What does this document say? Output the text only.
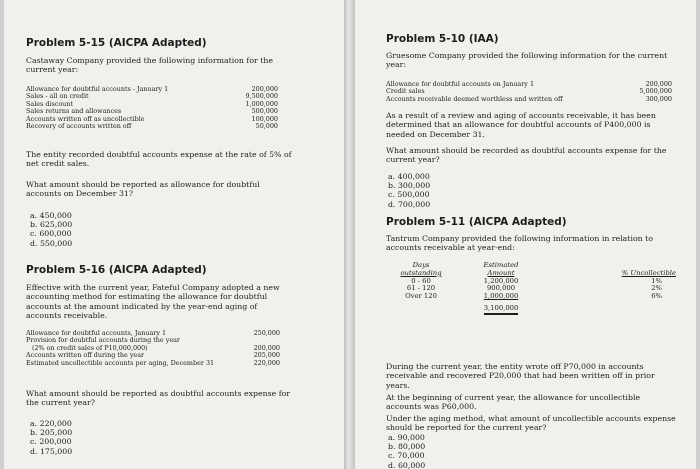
Problem 5-15 (AICPA Adapted)
Castaway Company provided the following information for the current year:
Allowance for doubtful accounts - January 1	200,000
Sales - all on credit	9,500,000
Sales discount	1,000,000
Sales returns and allowances	500,000
Accounts written off as uncollectible	100,000
Recovery of accounts written off	50,000
The entity recorded doubtful accounts expense at the rate of 5% of net credit sales.
What amount should be reported as allowance for doubtful accounts on December 31?
a. 450,000
b. 625,000
c. 600,000
d. 550,000
Problem 5-16 (AICPA Adapted)
Effective with the current year, Fateful Company adopted a new accounting method for estimating the allowance for doubtful accounts at the amount indicated by the year-end aging of accounts receivable.
Allowance for doubtful accounts, January 1	250,000
Provision for doubtful accounts during the year
(2% on credit sales of P10,000,000)	200,000
Accounts written off during the year	205,000
Estimated uncollectible accounts per aging, December 31	220,000
What amount should be reported as doubtful accounts expense for the current year?
a. 220,000
b. 205,000
c. 200,000
d. 175,000
Problem 5-10 (IAA)
Gruesome Company provided the following information for the current year:
Allowance for doubtful accounts on January 1	200,000
Credit sales	5,000,000
Accounts receivable deemed worthless and written off	300,000
As a result of a review and aging of accounts receivable, it has been determined that an allowance for doubtful accounts of P400,000 is needed on December 31.
What amount should be recorded as doubtful accounts expense for the current year?
a. 400,000
b. 300,000
c. 500,000
d. 700,000
Problem 5-11 (AICPA Adapted)
Tantrum Company provided the following information in relation to accounts receivable at year-end:
Days	Estimated	
outstanding	Amount	% Uncollectible
0 - 60	1,200,000	1%
61 - 120	900,000	2%
Over 120	1,000,000	6%
	3,100,000	
During the current year, the entity wrote off P70,000 in accounts receivable and recovered P20,000 that had been written off in prior years.
At the beginning of current year, the allowance for uncollectible accounts was P60,000.
Under the aging method, what amount of uncollectible accounts expense should be reported for the current year?
a. 90,000
b. 80,000
c. 70,000
d. 60,000
